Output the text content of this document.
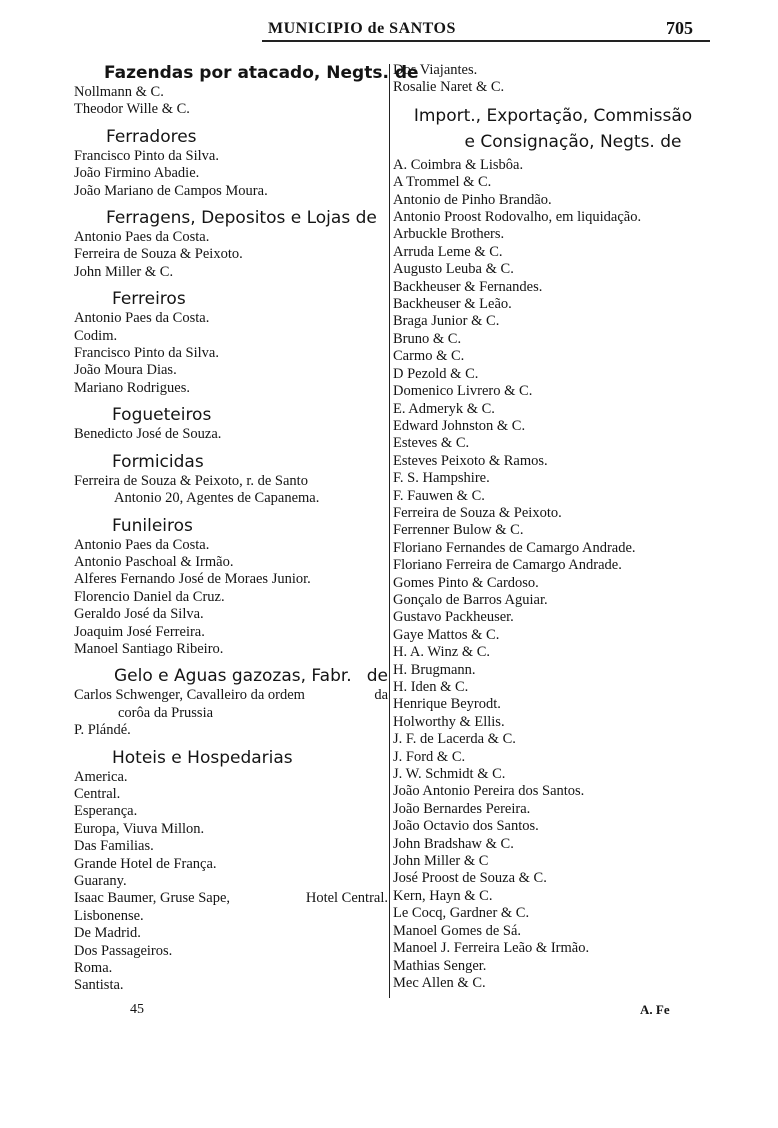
MUNICIPIO de SANTOS	705
Fazendas por atacado, Negts. de
Nollmann & C.
Theodor Wille & C.
Ferradores
Francisco Pinto da Silva.
João Firmino Abadie.
João Mariano de Campos Moura.
Ferragens, Depositos e Lojas de
Antonio Paes da Costa.
Ferreira de Souza & Peixoto.
John Miller & C.
Ferreiros
Antonio Paes da Costa.
Codim.
Francisco Pinto da Silva.
João Moura Dias.
Mariano Rodrigues.
Fogueteiros
Benedicto José de Souza.
Formicidas
Ferreira de Souza & Peixoto, r. de Santo
Antonio 20, Agentes de Capanema.
Funileiros
Antonio Paes da Costa.
Antonio Paschoal & Irmão.
Alferes Fernando José de Moraes Junior.
Florencio Daniel da Cruz.
Geraldo José da Silva.
Joaquim José Ferreira.
Manoel Santiago Ribeiro.
Gelo e Aguas gazozas, Fabr. de
Carlos Schwenger, Cavalleiro da ordem	da
corôa da Prussia
P. Plándé.
Hoteis e Hospedarias
America.
Central.
Esperança.
Europa, Viuva Millon.
Das Familias.
Grande Hotel de França.
Guarany.
Isaac Baumer, Gruse Sape,	Hotel Central.
Lisbonense.
De Madrid.
Dos Passageiros.
Roma.
Santista.
Dos Viajantes.
Rosalie Naret & C.
Import., Exportação, Commissão
e Consignação, Negts. de
A. Coimbra & Lisbôa.
A Trommel & C.
Antonio de Pinho Brandão.
Antonio Proost Rodovalho, em liquidação.
Arbuckle Brothers.
Arruda Leme & C.
Augusto Leuba & C.
Backheuser & Fernandes.
Backheuser & Leão.
Braga Junior & C.
Bruno & C.
Carmo & C.
D Pezold & C.
Domenico Livrero & C.
E. Admeryk & C.
Edward Johnston & C.
Esteves & C.
Esteves Peixoto & Ramos.
F. S. Hampshire.
F. Fauwen & C.
Ferreira de Souza & Peixoto.
Ferrenner Bulow & C.
Floriano Fernandes de Camargo Andrade.
Floriano Ferreira de Camargo Andrade.
Gomes Pinto & Cardoso.
Gonçalo de Barros Aguiar.
Gustavo Packheuser.
Gaye Mattos & C.
H. A. Winz & C.
H. Brugmann.
H. Iden & C.
Henrique Beyrodt.
Holworthy & Ellis.
J. F. de Lacerda & C.
J. Ford & C.
J. W. Schmidt & C.
João Antonio Pereira dos Santos.
João Bernardes Pereira.
João Octavio dos Santos.
John Bradshaw & C.
John Miller & C
José Proost de Souza & C.
Kern, Hayn & C.
Le Cocq, Gardner & C.
Manoel Gomes de Sá.
Manoel J. Ferreira Leão & Irmão.
Mathias Senger.
Mec Allen & C.
45	A. Fe
